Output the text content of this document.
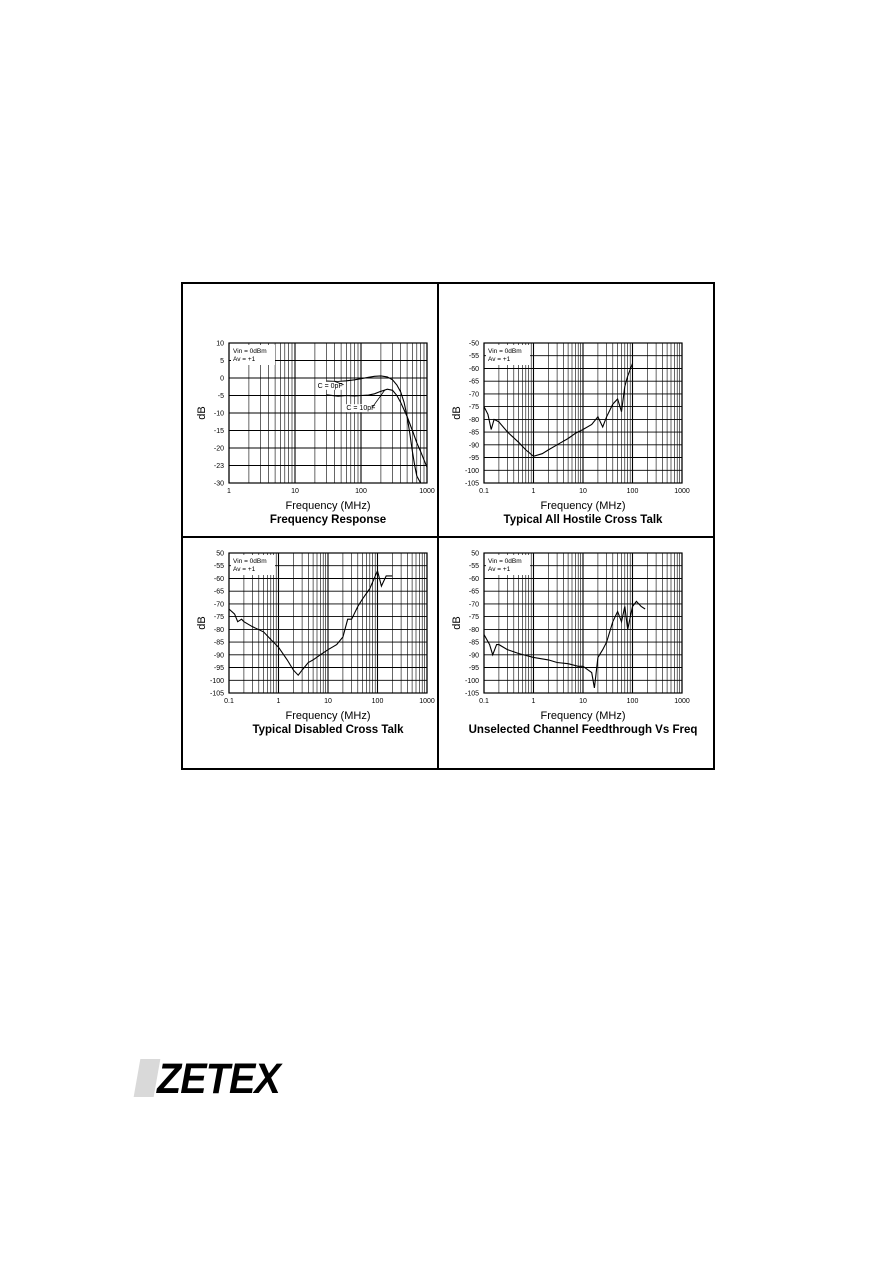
Vin = 0dBm
Av = +1
1	10	100	1000
10
5
0
-5
-10
-15
-20
-23
-30
Frequency (MHz)
dB
Frequency Response
C = 0pF
C = 10pF
Vin = 0dBm
Av = +1
0.1	1	10	100	1000
-50
-55
-60
-65
-70
-75
-80
-85
-90
-95
-100
-105
Frequency (MHz)
dB
Typical All Hostile Cross Talk
Vin = 0dBm
Av = +1
0.1	1	10	100	1000
50
-55
-60
-65
-70
-75
-80
-85
-90
-95
-100
-105
Frequency (MHz)
dB
Typical Disabled Cross Talk
Vin = 0dBm
Av = +1
0.1	1	10	100	1000
50
-55
-60
-65
-70
-75
-80
-85
-90
-95
-100
-105
Frequency (MHz)
dB
Unselected Channel Feedthrough Vs Freq
ZETEX
